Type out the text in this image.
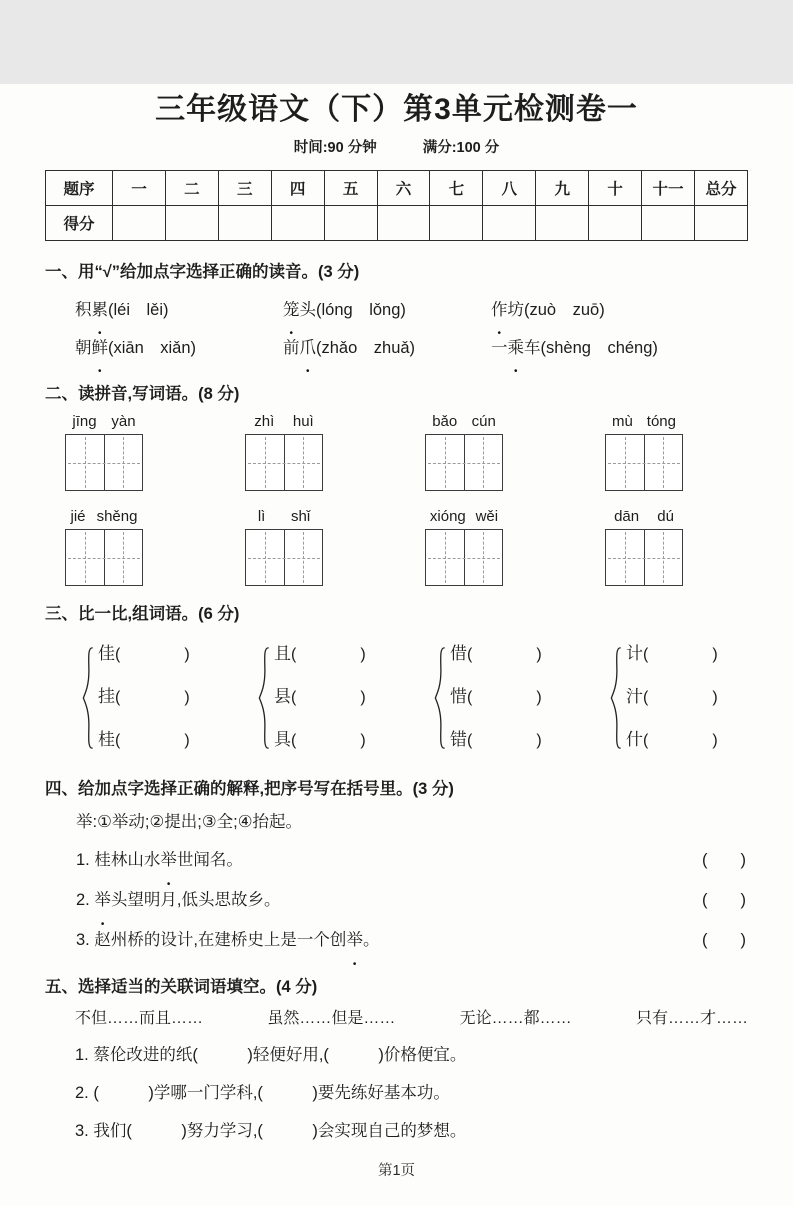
三年级语文（下）第3单元检测卷一
时间:90 分钟	满分:100 分
题序	一	二	三	四	五	六	七	八	九	十	十一	总分
得分												
一、用“√”给加点字选择正确的读音。(3 分)
积累(léi　lěi)	笼头(lóng　lǒng)	作坊(zuò　zuō)
朝鲜(xiān　xiǎn)	前爪(zhǎo　zhuǎ)	一乘车(shèng　chéng)
二、读拼音,写词语。(8 分)
jīng yàn	zhì huì	bǎo cún	mù tóng
jié shěng	lì shǐ	xióng wěi	dān dú
三、比一比,组词语。(6 分)
佳(　　　　)
挂(　　　　)
桂(　　　　)
且(　　　　)
县(　　　　)
具(　　　　)
借(　　　　)
惜(　　　　)
错(　　　　)
计(　　　　)
汁(　　　　)
什(　　　　)
四、给加点字选择正确的解释,把序号写在括号里。(3 分)
举:①举动;②提出;③全;④抬起。
1. 桂林山水举世闻名。	(　　)
2. 举头望明月,低头思故乡。	(　　)
3. 赵州桥的设计,在建桥史上是一个创举。	(　　)
五、选择适当的关联词语填空。(4 分)
不但……而且……	虽然……但是……	无论……都……	只有……才……
1. 蔡伦改进的纸(　　　)轻便好用,(　　　)价格便宜。
2. (　　　)学哪一门学科,(　　　)要先练好基本功。
3. 我们(　　　)努力学习,(　　　)会实现自己的梦想。
第1页
